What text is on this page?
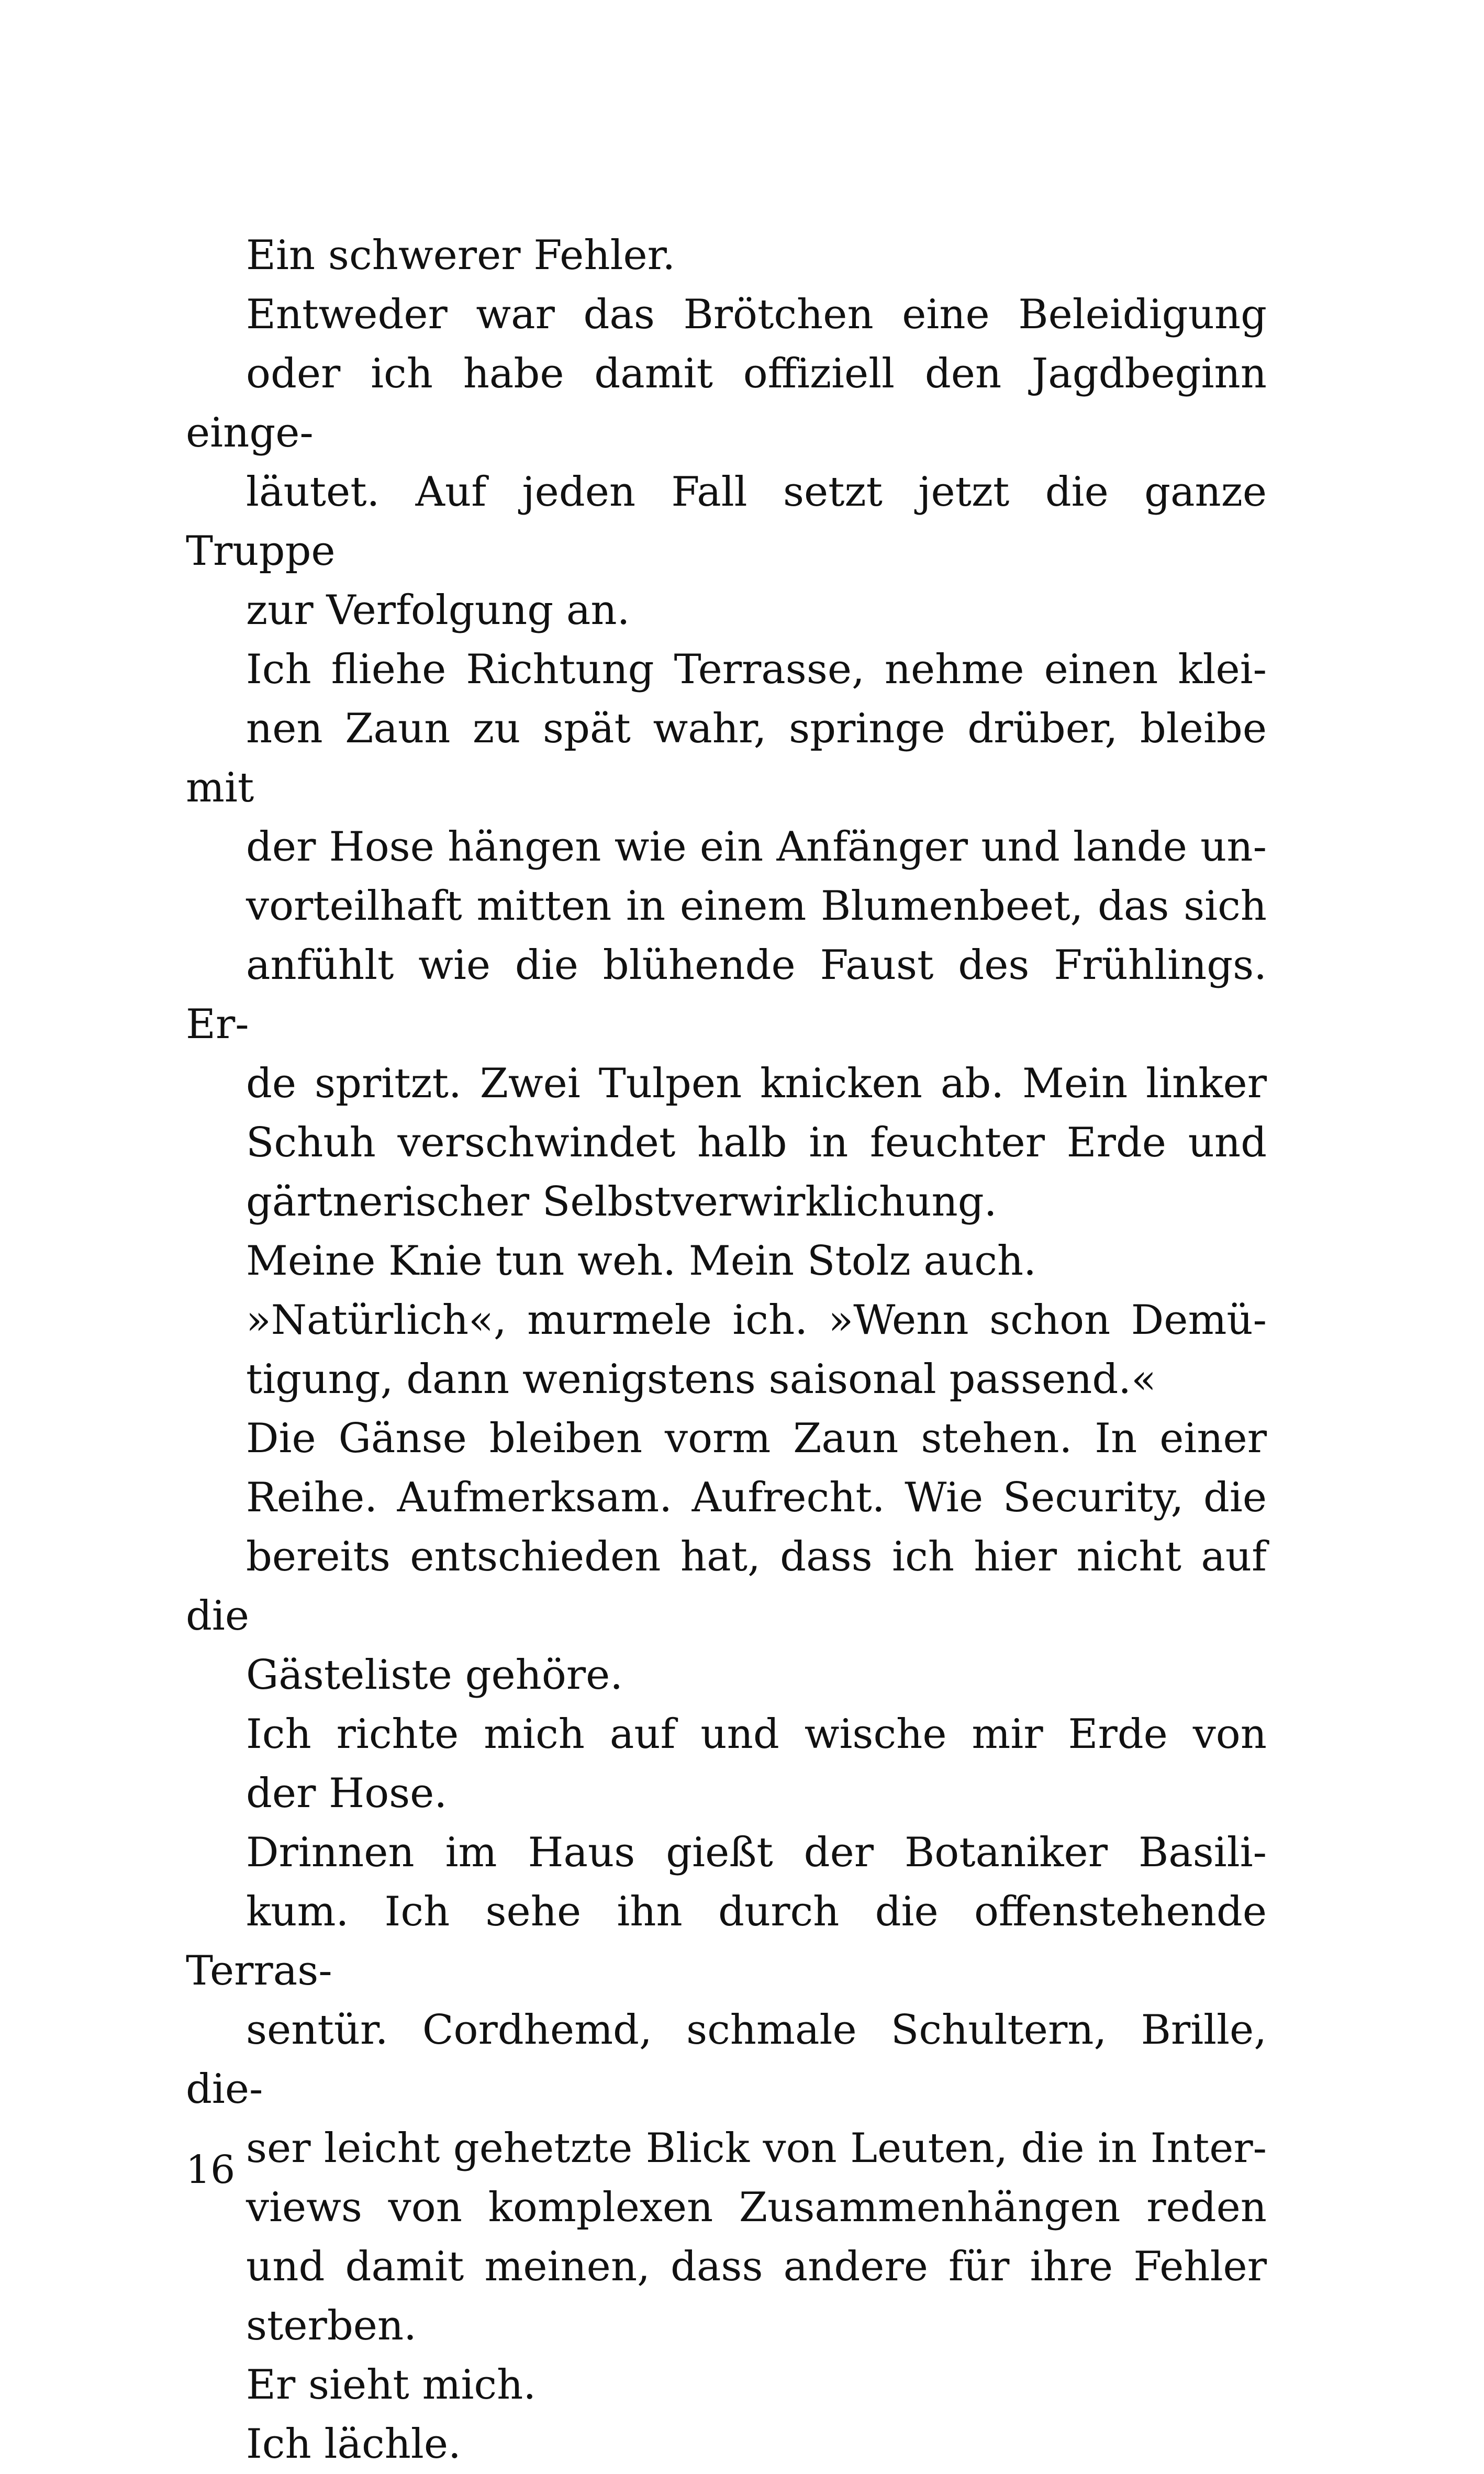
Ein schwerer Fehler.

Entweder war das Brötchen eine Beleidigung
oder ich habe damit offiziell den Jagdbeginn einge-
läutet. Auf jeden Fall setzt jetzt die ganze Truppe
zur Verfolgung an.

Ich fliehe Richtung Terrasse, nehme einen klei-
nen Zaun zu spät wahr, springe drüber, bleibe mit
der Hose hängen wie ein Anfänger und lande un-
vorteilhaft mitten in einem Blumenbeet, das sich
anfühlt wie die blühende Faust des Frühlings. Er-
de spritzt. Zwei Tulpen knicken ab. Mein linker
Schuh verschwindet halb in feuchter Erde und
gärtnerischer Selbstverwirklichung.

Meine Knie tun weh. Mein Stolz auch.

»Natürlich«, murmele ich. »Wenn schon Demü-
tigung, dann wenigstens saisonal passend.«

Die Gänse bleiben vorm Zaun stehen. In einer
Reihe. Aufmerksam. Aufrecht. Wie Security, die
bereits entschieden hat, dass ich hier nicht auf die
Gästeliste gehöre.

Ich richte mich auf und wische mir Erde von
der Hose.

Drinnen im Haus gießt der Botaniker Basili-
kum. Ich sehe ihn durch die offenstehende Terras-
sentür. Cordhemd, schmale Schultern, Brille, die-
ser leicht gehetzte Blick von Leuten, die in Inter-
views von komplexen Zusammenhängen reden
und damit meinen, dass andere für ihre Fehler
sterben.

Er sieht mich.

Ich lächle.

16
